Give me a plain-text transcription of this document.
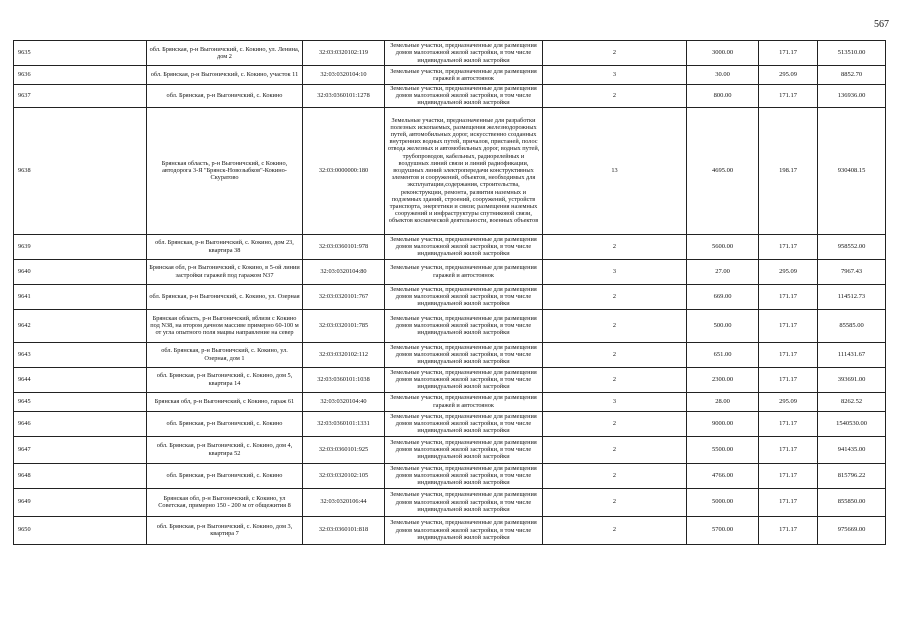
567
9635	обл. Брянская, р-н Выгоничский, с. Кокино, ул. Ленина, дом 2	32:03:0320102:119	Земельные участки, предназначенные для размещения домов малоэтажной жилой застройки, в том числе индивидуальной жилой застройки	2	3000.00	171.17	513510.00
9636	обл. Брянская, р-н Выгоничский, с. Кокино, участок 11	32:03:0320104:10	Земельные участки, предназначенные для размещения гаражей и автостоянок	3	30.00	295.09	8852.70
9637	обл. Брянская, р-н Выгоничский, с. Кокино	32:03:0360101:1278	Земельные участки, предназначенные для размещения домов малоэтажной жилой застройки, в том числе индивидуальной жилой застройки	2	800.00	171.17	136936.00
9638	Брянская область, р-н Выгоничский, с Кокино, автодорога 3-Я "Брянск-Новозыбков"-Кокино-Скуратово	32:03:0000000:180	Земельные участки, предназначенные для разработки полезных ископаемых, размещения железнодорожных путей, автомобильных дорог, искусственно созданных внутренних водных путей, причалов, пристаней, полос отвода железных и автомобильных дорог, водных путей, трубопроводов, кабельных, радиорелейных и воздушных линий связи и линий радиофикации, воздушных линий электропередачи конструктивных элементов и сооружений, объектов, необходимых для эксплуатации,содержания, строительства, реконструкции, ремонта, развития наземных и подземных зданий, строений, сооружений, устройств транспорта, энергетики и связи; размещения наземных сооружений и инфраструктуры спутниковой связи, объектов космической деятельности, военных объектов	13	4695.00	198.17	930408.15
9639	обл. Брянская, р-н Выгоничский, с. Кокино, дом 23, квартира 38	32:03:0360101:978	Земельные участки, предназначенные для размещения домов малоэтажной жилой застройки, в том числе индивидуальной жилой застройки	2	5600.00	171.17	958552.00
9640	Брянская обл, р-н Выгоничский, с Кокино, в 5-ой линии застройки гаражей под гаражом N37	32:03:0320104:80	Земельные участки, предназначенные для размещения гаражей и автостоянок	3	27.00	295.09	7967.43
9641	обл. Брянская, р-н Выгоничский, с. Кокино, ул. Озерная	32:03:0320101:767	Земельные участки, предназначенные для размещения домов малоэтажной жилой застройки, в том числе индивидуальной жилой застройки	2	669.00	171.17	114512.73
9642	Брянская область, р-н Выгоничский, вблизи с Кокино под N38, на втором дачном массиве примерно 60-100 м от угла опытного поля мацвы направление на север	32:03:0320101:785	Земельные участки, предназначенные для размещения домов малоэтажной жилой застройки, в том числе индивидуальной жилой застройки	2	500.00	171.17	85585.00
9643	обл. Брянская, р-н Выгоничский, с. Кокино, ул. Озерная, дом 1	32:03:0320102:112	Земельные участки, предназначенные для размещения домов малоэтажной жилой застройки, в том числе индивидуальной жилой застройки	2	651.00	171.17	111431.67
9644	обл. Брянская, р-н Выгоничский, с. Кокино, дом 5, квартира 14	32:03:0360101:1038	Земельные участки, предназначенные для размещения домов малоэтажной жилой застройки, в том числе индивидуальной жилой застройки	2	2300.00	171.17	393691.00
9645	Брянская обл, р-н Выгоничский, с Кокино, гараж 61	32:03:0320104:40	Земельные участки, предназначенные для размещения гаражей и автостоянок	3	28.00	295.09	8262.52
9646	обл. Брянская, р-н Выгоничский, с. Кокино	32:03:0360101:1331	Земельные участки, предназначенные для размещения домов малоэтажной жилой застройки, в том числе индивидуальной жилой застройки	2	9000.00	171.17	1540530.00
9647	обл. Брянская, р-н Выгоничский, с. Кокино, дом 4, квартира 52	32:03:0360101:925	Земельные участки, предназначенные для размещения домов малоэтажной жилой застройки, в том числе индивидуальной жилой застройки	2	5500.00	171.17	941435.00
9648	обл. Брянская, р-н Выгоничский, с. Кокино	32:03:0320102:105	Земельные участки, предназначенные для размещения домов малоэтажной жилой застройки, в том числе индивидуальной жилой застройки	2	4766.00	171.17	815796.22
9649	Брянская обл, р-н Выгоничский, с Кокино, ул Советская, примерно 150 - 200 м от общежития 8	32:03:0320106:44	Земельные участки, предназначенные для размещения домов малоэтажной жилой застройки, в том числе индивидуальной жилой застройки	2	5000.00	171.17	855850.00
9650	обл. Брянская, р-н Выгоничский, с. Кокино, дом 3, квартира 7	32:03:0360101:818	Земельные участки, предназначенные для размещения домов малоэтажной жилой застройки, в том числе индивидуальной жилой застройки	2	5700.00	171.17	975669.00
